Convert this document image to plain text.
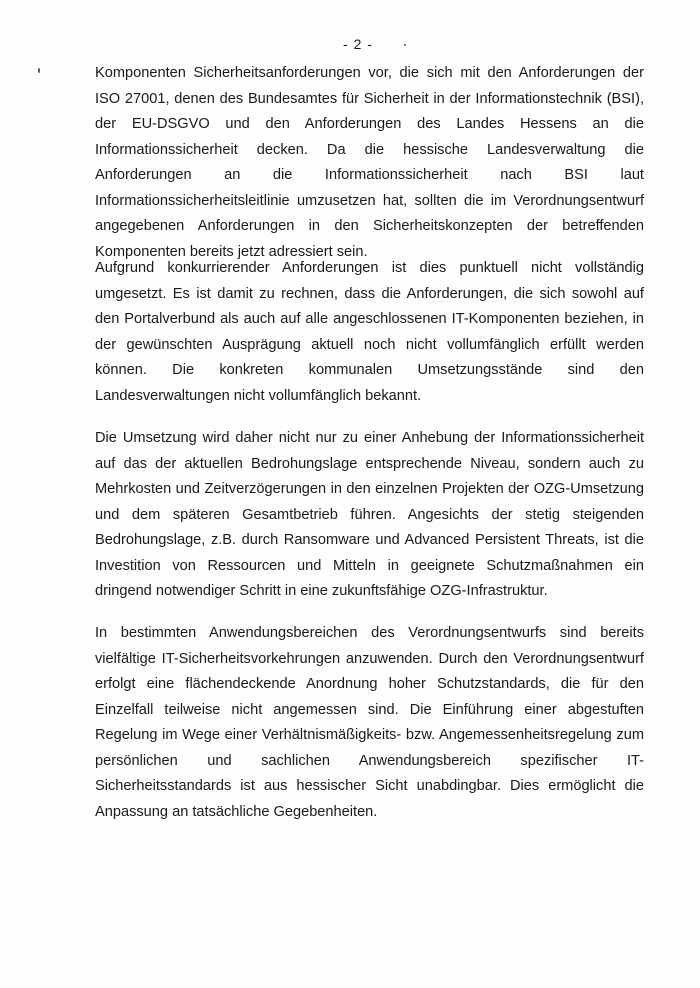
- 2 -

Komponenten Sicherheitsanforderungen vor, die sich mit den Anforderungen der ISO 27001, denen des Bundesamtes für Sicherheit in der Informationstechnik (BSI), der EU-DSGVO und den Anforderungen des Landes Hessens an die Informationssicherheit decken. Da die hessische Landesverwaltung die Anforderungen an die Informationssicherheit nach BSI laut Informationssicherheitsleitlinie umzusetzen hat, sollten die im Verordnungsentwurf angegebenen Anforderungen in den Sicherheitskonzepten der betreffenden Komponenten bereits jetzt adressiert sein.

Aufgrund konkurrierender Anforderungen ist dies punktuell nicht vollständig umgesetzt. Es ist damit zu rechnen, dass die Anforderungen, die sich sowohl auf den Portalverbund als auch auf alle angeschlossenen IT-Komponenten beziehen, in der gewünschten Ausprägung aktuell noch nicht vollumfänglich erfüllt werden können. Die konkreten kommunalen Umsetzungsstände sind den Landesverwaltungen nicht vollumfänglich bekannt.

Die Umsetzung wird daher nicht nur zu einer Anhebung der Informationssicherheit auf das der aktuellen Bedrohungslage entsprechende Niveau, sondern auch zu Mehrkosten und Zeitverzögerungen in den einzelnen Projekten der OZG-Umsetzung und dem späteren Gesamtbetrieb führen. Angesichts der stetig steigenden Bedrohungslage, z.B. durch Ransomware und Advanced Persistent Threats, ist die Investition von Ressourcen und Mitteln in geeignete Schutzmaßnahmen ein dringend notwendiger Schritt in eine zukunftsfähige OZG-Infrastruktur.

In bestimmten Anwendungsbereichen des Verordnungsentwurfs sind bereits vielfältige IT-Sicherheitsvorkehrungen anzuwenden. Durch den Verordnungsentwurf erfolgt eine flächendeckende Anordnung hoher Schutzstandards, die für den Einzelfall teilweise nicht angemessen sind. Die Einführung einer abgestuften Regelung im Wege einer Verhältnismäßigkeits- bzw. Angemessenheitsregelung zum persönlichen und sachlichen Anwendungsbereich spezifischer IT-Sicherheitsstandards ist aus hessischer Sicht unabdingbar. Dies ermöglicht die Anpassung an tatsächliche Gegebenheiten.
